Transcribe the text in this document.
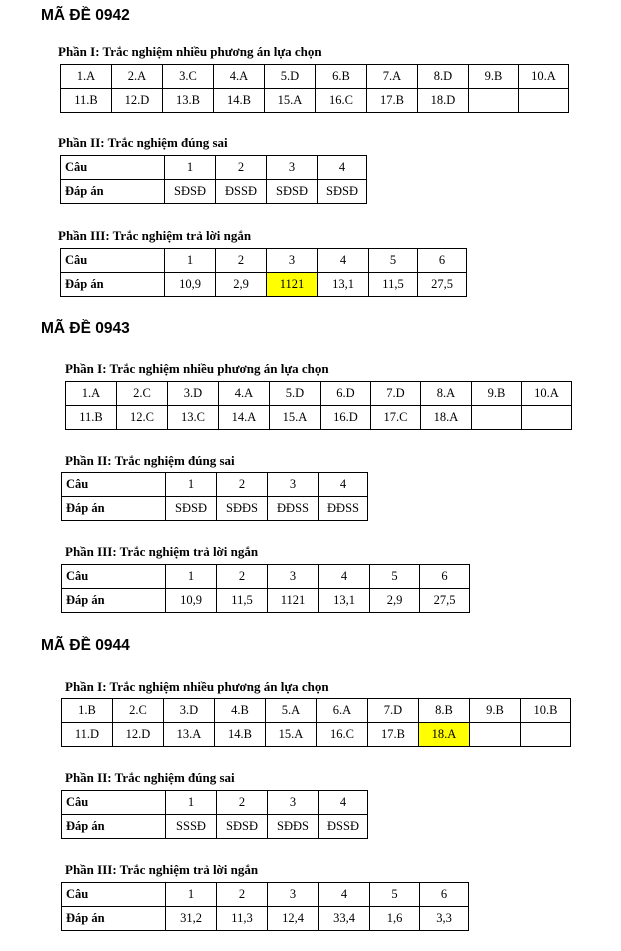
MÃ ĐỀ 0942
Phần I: Trắc nghiệm nhiều phương án lựa chọn
1.A	2.A	3.C	4.A	5.D	6.B	7.A	8.D	9.B	10.A
11.B	12.D	13.B	14.B	15.A	16.C	17.B	18.D		
Phần II: Trắc nghiệm đúng sai
Câu	1	2	3	4
Đáp án	SĐSĐ	ĐSSĐ	SĐSĐ	SĐSĐ
Phần III: Trắc nghiệm trả lời ngắn
Câu	1	2	3	4	5	6
Đáp án	10,9	2,9	1121	13,1	11,5	27,5
MÃ ĐỀ 0943
Phần I: Trắc nghiệm nhiều phương án lựa chọn
1.A	2.C	3.D	4.A	5.D	6.D	7.D	8.A	9.B	10.A
11.B	12.C	13.C	14.A	15.A	16.D	17.C	18.A		
Phần II: Trắc nghiệm đúng sai
Câu	1	2	3	4
Đáp án	SĐSĐ	SĐĐS	ĐĐSS	ĐĐSS
Phần III: Trắc nghiệm trả lời ngắn
Câu	1	2	3	4	5	6
Đáp án	10,9	11,5	1121	13,1	2,9	27,5
MÃ ĐỀ 0944
Phần I: Trắc nghiệm nhiều phương án lựa chọn
1.B	2.C	3.D	4.B	5.A	6.A	7.D	8.B	9.B	10.B
11.D	12.D	13.A	14.B	15.A	16.C	17.B	18.A		
Phần II: Trắc nghiệm đúng sai
Câu	1	2	3	4
Đáp án	SSSĐ	SĐSĐ	SĐĐS	ĐSSĐ
Phần III: Trắc nghiệm trả lời ngắn
Câu	1	2	3	4	5	6
Đáp án	31,2	11,3	12,4	33,4	1,6	3,3
